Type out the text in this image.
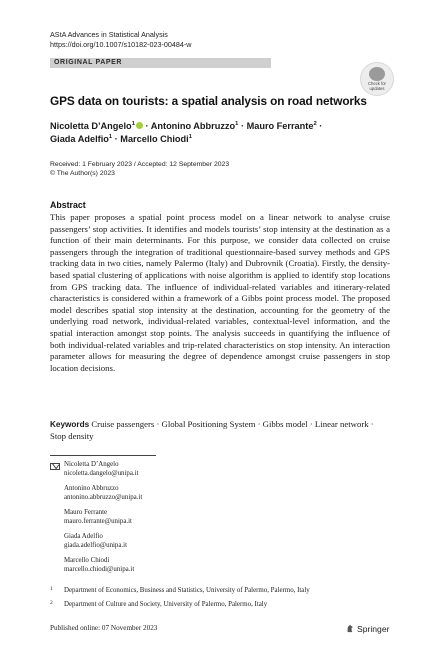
AStA Advances in Statistical Analysis
https://doi.org/10.1007/s10182-023-00484-w
ORIGINAL PAPER
Check for
updates
GPS data on tourists: a spatial analysis on road networks
Nicoletta D’Angelo$^1$ · Antonino Abbruzzo$^1$ · Mauro Ferrante$^2$ ·
Giada Adelfio$^1$ · Marcello Chiodi$^1$
Received: 1 February 2023 / Accepted: 12 September 2023
© The Author(s) 2023
Abstract
This paper proposes a spatial point process model on a linear network to analyse cruise passengers’ stop activities. It identifies and models tourists’ stop intensity at the destination as a function of their main determinants. For this purpose, we consider data collected on cruise passengers through the integration of traditional questionnaire-based survey methods and GPS tracking data in two cities, namely Palermo (Italy) and Dubrovnik (Croatia). Firstly, the density-based spatial clustering of applications with noise algorithm is applied to identify stop locations from GPS tracking data. The influence of individual-related variables and itinerary-related characteristics is considered within a framework of a Gibbs point process model. The proposed model describes spatial stop intensity at the destination, accounting for the geometry of the underlying road network, individual-related variables, contextual-level information, and the spatial interaction amongst stop points. The analysis succeeds in quantifying the influence of both individual-related variables and trip-related characteristics on stop intensity. An interaction parameter allows for measuring the degree of dependence amongst cruise passengers in stop location decisions.
Keywords Cruise passengers · Global Positioning System · Gibbs model · Linear network · Stop density
Nicoletta D’Angelo
nicoletta.dangelo@unipa.it
Antonino Abbruzzo
antonino.abbruzzo@unipa.it
Mauro Ferrante
mauro.ferrante@unipa.it
Giada Adelfio
giada.adelfio@unipa.it
Marcello Chiodi
marcello.chiodi@unipa.it
1 Department of Economics, Business and Statistics, University of Palermo, Palermo, Italy
2 Department of Culture and Society, University of Palermo, Palermo, Italy
Published online: 07 November 2023	Springer
